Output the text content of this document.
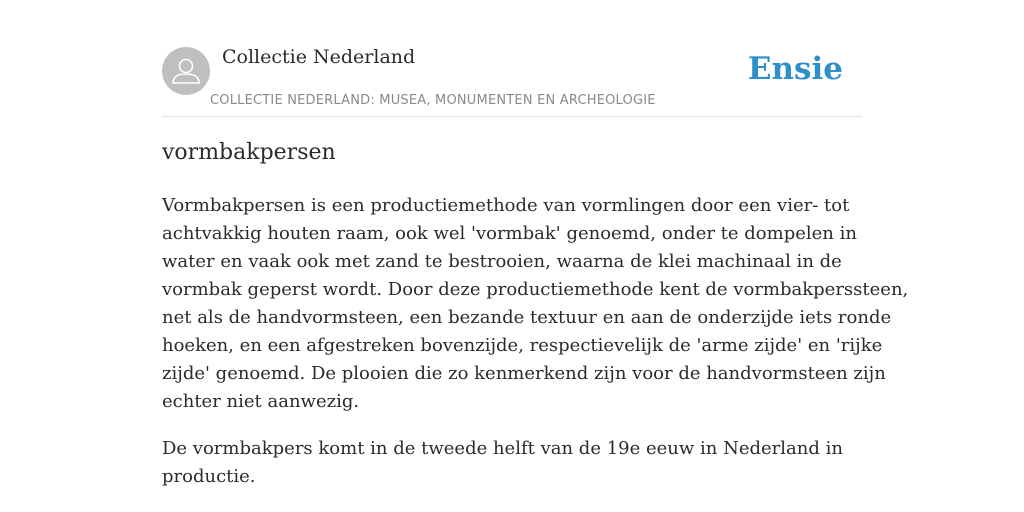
Collectie Nederland
COLLECTIE NEDERLAND: MUSEA, MONUMENTEN EN ARCHEOLOGIE
Ensie
vormbakpersen

Vormbakpersen is een productiemethode van vormlingen door een vier- tot
achtvakkig houten raam, ook wel 'vormbak' genoemd, onder te dompelen in
water en vaak ook met zand te bestrooien, waarna de klei machinaal in de
vormbak geperst wordt. Door deze productiemethode kent de vormbakperssteen,
net als de handvormsteen, een bezande textuur en aan de onderzijde iets ronde
hoeken, en een afgestreken bovenzijde, respectievelijk de 'arme zijde' en 'rijke
zijde' genoemd. De plooien die zo kenmerkend zijn voor de handvormsteen zijn
echter niet aanwezig.

De vormbakpers komt in de tweede helft van de 19e eeuw in Nederland in
productie.
